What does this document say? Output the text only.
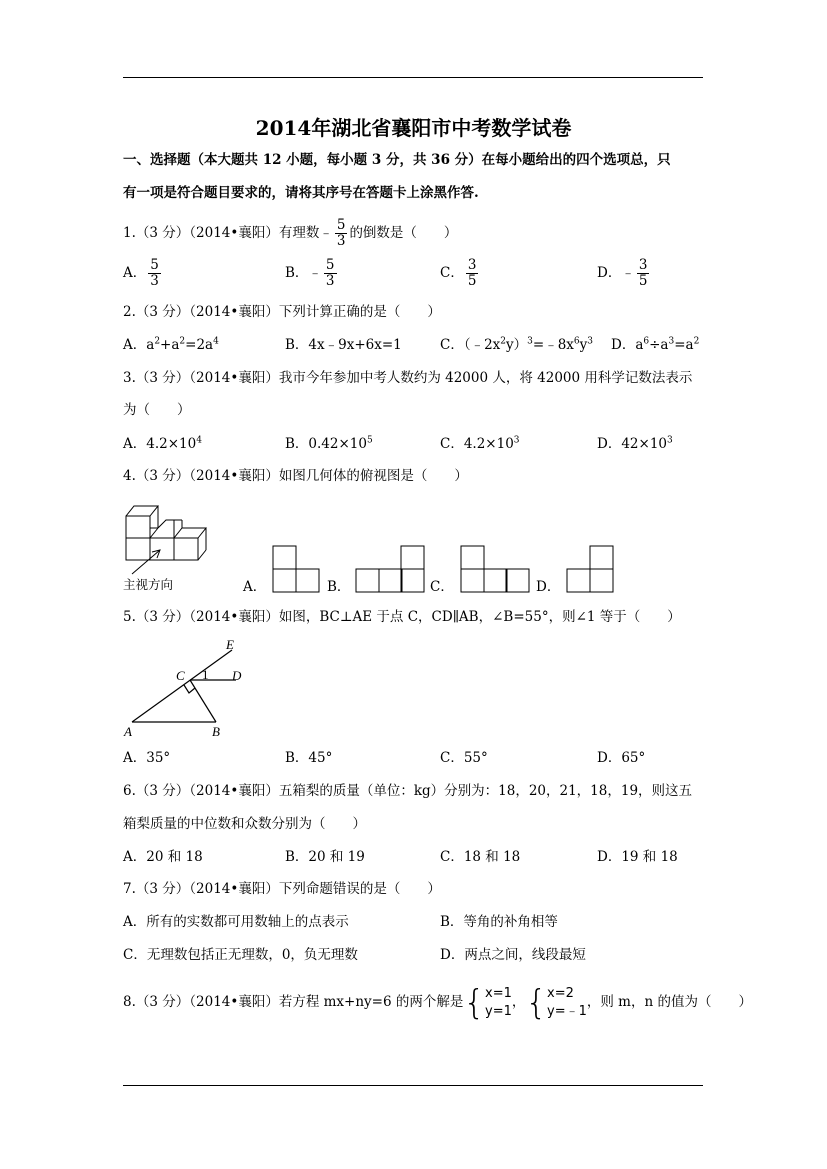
2014年湖北省襄阳市中考数学试卷
一、选择题（本大题共 12 小题，每小题 3 分，共 36 分）在每小题给出的四个选项总，只
有一项是符合题目要求的，请将其序号在答题卡上涂黑作答.
1.（3 分）（2014•襄阳）有理数﹣ $\frac{5}{3}$ 的倒数是（　　）
A． $\frac{5}{3}$	B．﹣ $\frac{5}{3}$	C． $\frac{3}{5}$	D．﹣ $\frac{3}{5}$
2.（3 分）（2014•襄阳）下列计算正确的是（　　）
A．$a^2+a^2=2a^4$	B．4x﹣9x+6x=1	C．$(﹣2x^2y)^3=﹣8x^6y^3$ D．$a^6\div a^3=a^2$
3.（3 分）（2014•襄阳）我市今年参加中考人数约为 42000 人，将 42000 用科学记数法表示
为（　　）
A．$4.2\times 10^4$	B．$0.42\times 10^5$	C．$4.2\times 10^3$	D．$42\times 10^3$
4.（3 分）（2014•襄阳）如图几何体的俯视图是（　　）
主视方向	A．	B．	C．	D．
5.（3 分）（2014•襄阳）如图，BC⊥AE 于点 C，CD∥AB，∠B=55°，则∠1 等于（　　）
E
C 1 D
A	B
A．35°	B．45°	C．55°	D．65°
6.（3 分）（2014•襄阳）五箱梨的质量（单位：kg）分别为：18，20，21，18，19，则这五
箱梨质量的中位数和众数分别为（　　）
A．20 和 18	B．20 和 19	C．18 和 18	D．19 和 18
7.（3 分）（2014•襄阳）下列命题错误的是（　　）
A．所有的实数都可用数轴上的点表示	B．等角的补角相等
C．无理数包括正无理数，0，负无理数	D．两点之间，线段最短
8.（3 分）（2014•襄阳）若方程 mx+ny=6 的两个解是{ x=1
y=1
，{ x=2
y=﹣1
，则 m，n 的值为（　　）
